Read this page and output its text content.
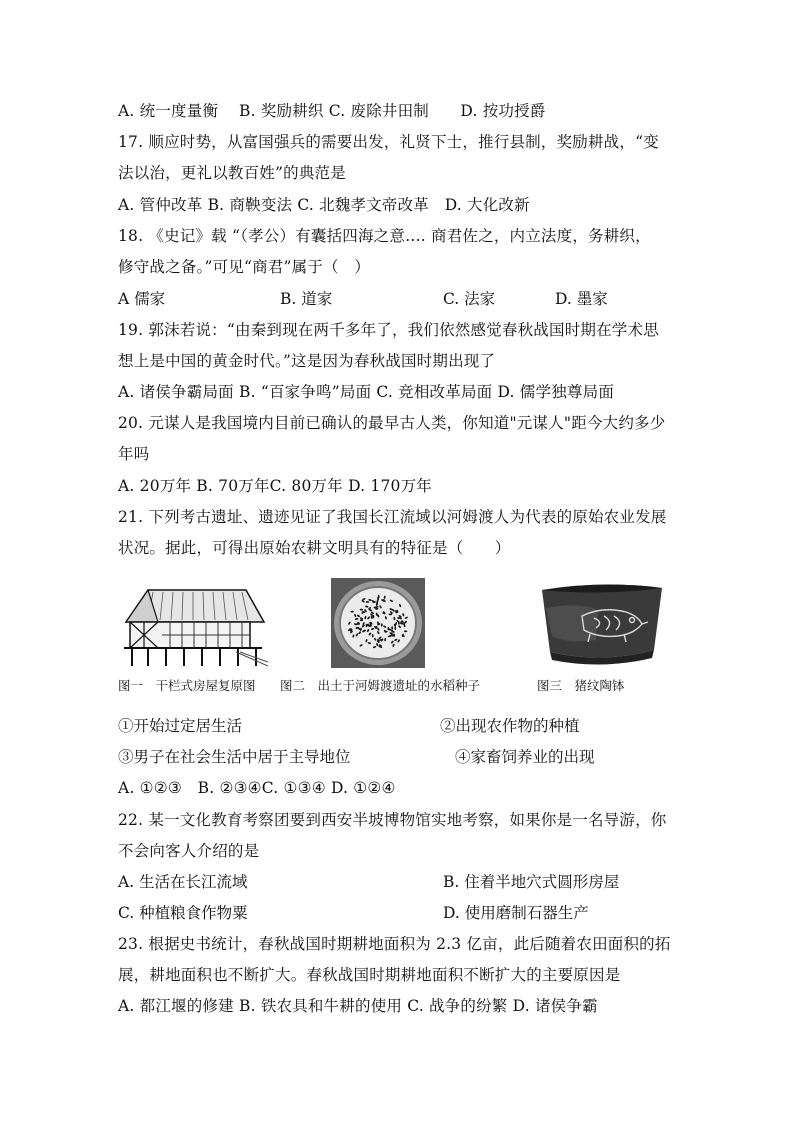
A. 统一度量衡　 B. 奖励耕织 C. 废除井田制　　D. 按功授爵
17. 顺应时势，从富国强兵的需要出发，礼贤下士，推行县制，奖励耕战，“变
法以治，更礼以教百姓”的典范是
A. 管仲改革 B. 商鞅变法 C. 北魏孝文帝改革　D. 大化改新
18. 《史记》载 “（孝公）有囊括四海之意…. 商君佐之，内立法度，务耕织，
修守战之备。”可见“商君”属于（　）
A 儒家	B. 道家	C. 法家	D. 墨家
19. 郭沫若说：“由秦到现在两千多年了，我们依然感觉春秋战国时期在学术思
想上是中国的黄金时代。”这是因为春秋战国时期出现了
A. 诸侯争霸局面 B. “百家争鸣”局面 C. 竞相改革局面 D. 儒学独尊局面
20. 元谋人是我国境内目前已确认的最早古人类，你知道"元谋人"距今大约多少
年吗
A. 20万年 B. 70万年C. 80万年 D. 170万年
21. 下列考古遗址、遗迹见证了我国长江流域以河姆渡人为代表的原始农业发展
状况。据此，可得出原始农耕文明具有的特征是（　　）
图一　干栏式房屋复原图 图二　出土于河姆渡遗址的水稻种子	图三　猪纹陶钵
①开始过定居生活	②出现农作物的种植
③男子在社会生活中居于主导地位	④家畜饲养业的出现
A. ①②③　B. ②③④C. ①③④ D. ①②④
22. 某一文化教育考察团要到西安半坡博物馆实地考察，如果你是一名导游，你
不会向客人介绍的是
A. 生活在长江流域	B. 住着半地穴式圆形房屋
C. 种植粮食作物粟	D. 使用磨制石器生产
23. 根据史书统计，春秋战国时期耕地面积为 2.3 亿亩，此后随着农田面积的拓
展，耕地面积也不断扩大。春秋战国时期耕地面积不断扩大的主要原因是
A. 都江堰的修建 B. 铁农具和牛耕的使用 C. 战争的纷繁 D. 诸侯争霸
